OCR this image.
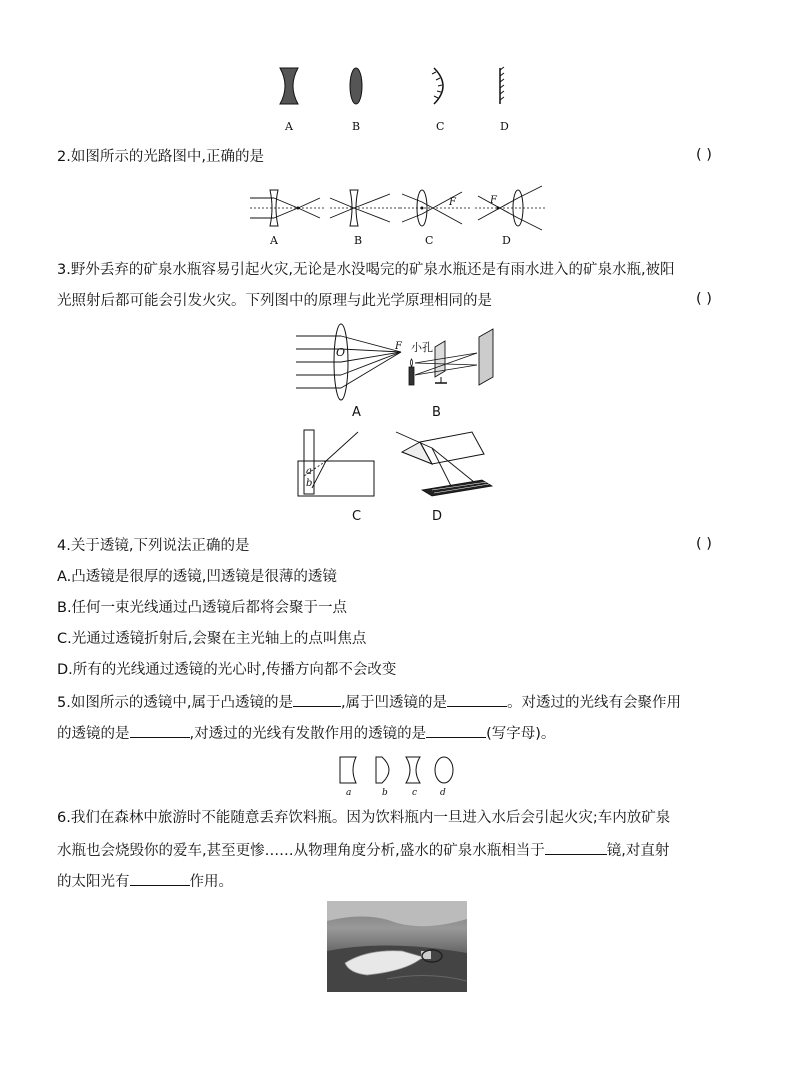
A	B	C	D
2.如图所示的光路图中,正确的是	( )
F	F
A	B	C	D
3.野外丢弃的矿泉水瓶容易引起火灾,无论是水没喝完的矿泉水瓶还是有雨水进入的矿泉水瓶,被阳
光照射后都可能会引发火灾。下列图中的原理与此光学原理相同的是	( )
O	F 小孔
A	B
a
b
C	D
4.关于透镜,下列说法正确的是	( )
A.凸透镜是很厚的透镜,凹透镜是很薄的透镜
B.任何一束光线通过凸透镜后都将会聚于一点
C.光通过透镜折射后,会聚在主光轴上的点叫焦点
D.所有的光线通过透镜的光心时,传播方向都不会改变
5.如图所示的透镜中,属于凸透镜的是	,属于凹透镜的是	。对透过的光线有会聚作用
的透镜的是	,对透过的光线有发散作用的透镜的是	(写字母)。
a	b	c	d
6.我们在森林中旅游时不能随意丢弃饮料瓶。因为饮料瓶内一旦进入水后会引起火灾;车内放矿泉
水瓶也会烧毁你的爱车,甚至更惨……从物理角度分析,盛水的矿泉水瓶相当于	镜,对直射
的太阳光有	作用。
